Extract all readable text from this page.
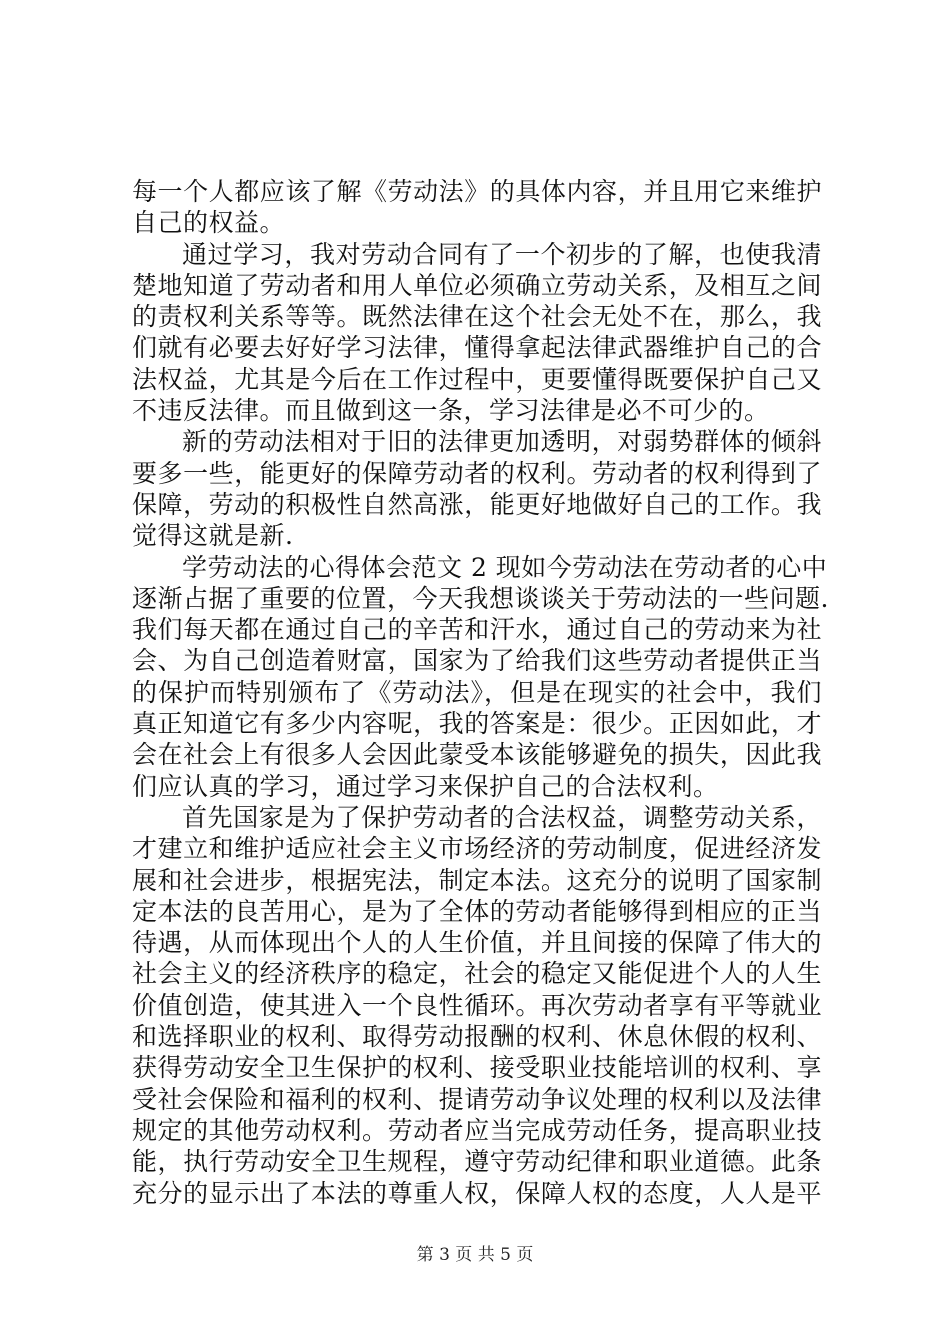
每一个人都应该了解《劳动法》的具体内容，并且用它来维护
自己的权益。
通过学习，我对劳动合同有了一个初步的了解，也使我清
楚地知道了劳动者和用人单位必须确立劳动关系，及相互之间
的责权利关系等等。既然法律在这个社会无处不在，那么，我
们就有必要去好好学习法律，懂得拿起法律武器维护自己的合
法权益，尤其是今后在工作过程中，更要懂得既要保护自己又
不违反法律。而且做到这一条，学习法律是必不可少的。
新的劳动法相对于旧的法律更加透明，对弱势群体的倾斜
要多一些，能更好的保障劳动者的权利。劳动者的权利得到了
保障，劳动的积极性自然高涨，能更好地做好自己的工作。我
觉得这就是新.
学劳动法的心得体会范文 2 现如今劳动法在劳动者的心中
逐渐占据了重要的位置，今天我想谈谈关于劳动法的一些问题.
我们每天都在通过自己的辛苦和汗水，通过自己的劳动来为社
会、为自己创造着财富，国家为了给我们这些劳动者提供正当
的保护而特别颁布了《劳动法》，但是在现实的社会中，我们
真正知道它有多少内容呢，我的答案是：很少。正因如此，才
会在社会上有很多人会因此蒙受本该能够避免的损失，因此我
们应认真的学习，通过学习来保护自己的合法权利。
首先国家是为了保护劳动者的合法权益，调整劳动关系，
才建立和维护适应社会主义市场经济的劳动制度，促进经济发
展和社会进步，根据宪法，制定本法。这充分的说明了国家制
定本法的良苦用心，是为了全体的劳动者能够得到相应的正当
待遇，从而体现出个人的人生价值，并且间接的保障了伟大的
社会主义的经济秩序的稳定，社会的稳定又能促进个人的人生
价值创造，使其进入一个良性循环。再次劳动者享有平等就业
和选择职业的权利、取得劳动报酬的权利、休息休假的权利、
获得劳动安全卫生保护的权利、接受职业技能培训的权利、享
受社会保险和福利的权利、提请劳动争议处理的权利以及法律
规定的其他劳动权利。劳动者应当完成劳动任务，提高职业技
能，执行劳动安全卫生规程，遵守劳动纪律和职业道德。此条
充分的显示出了本法的尊重人权，保障人权的态度，人人是平
第 3 页 共 5 页
